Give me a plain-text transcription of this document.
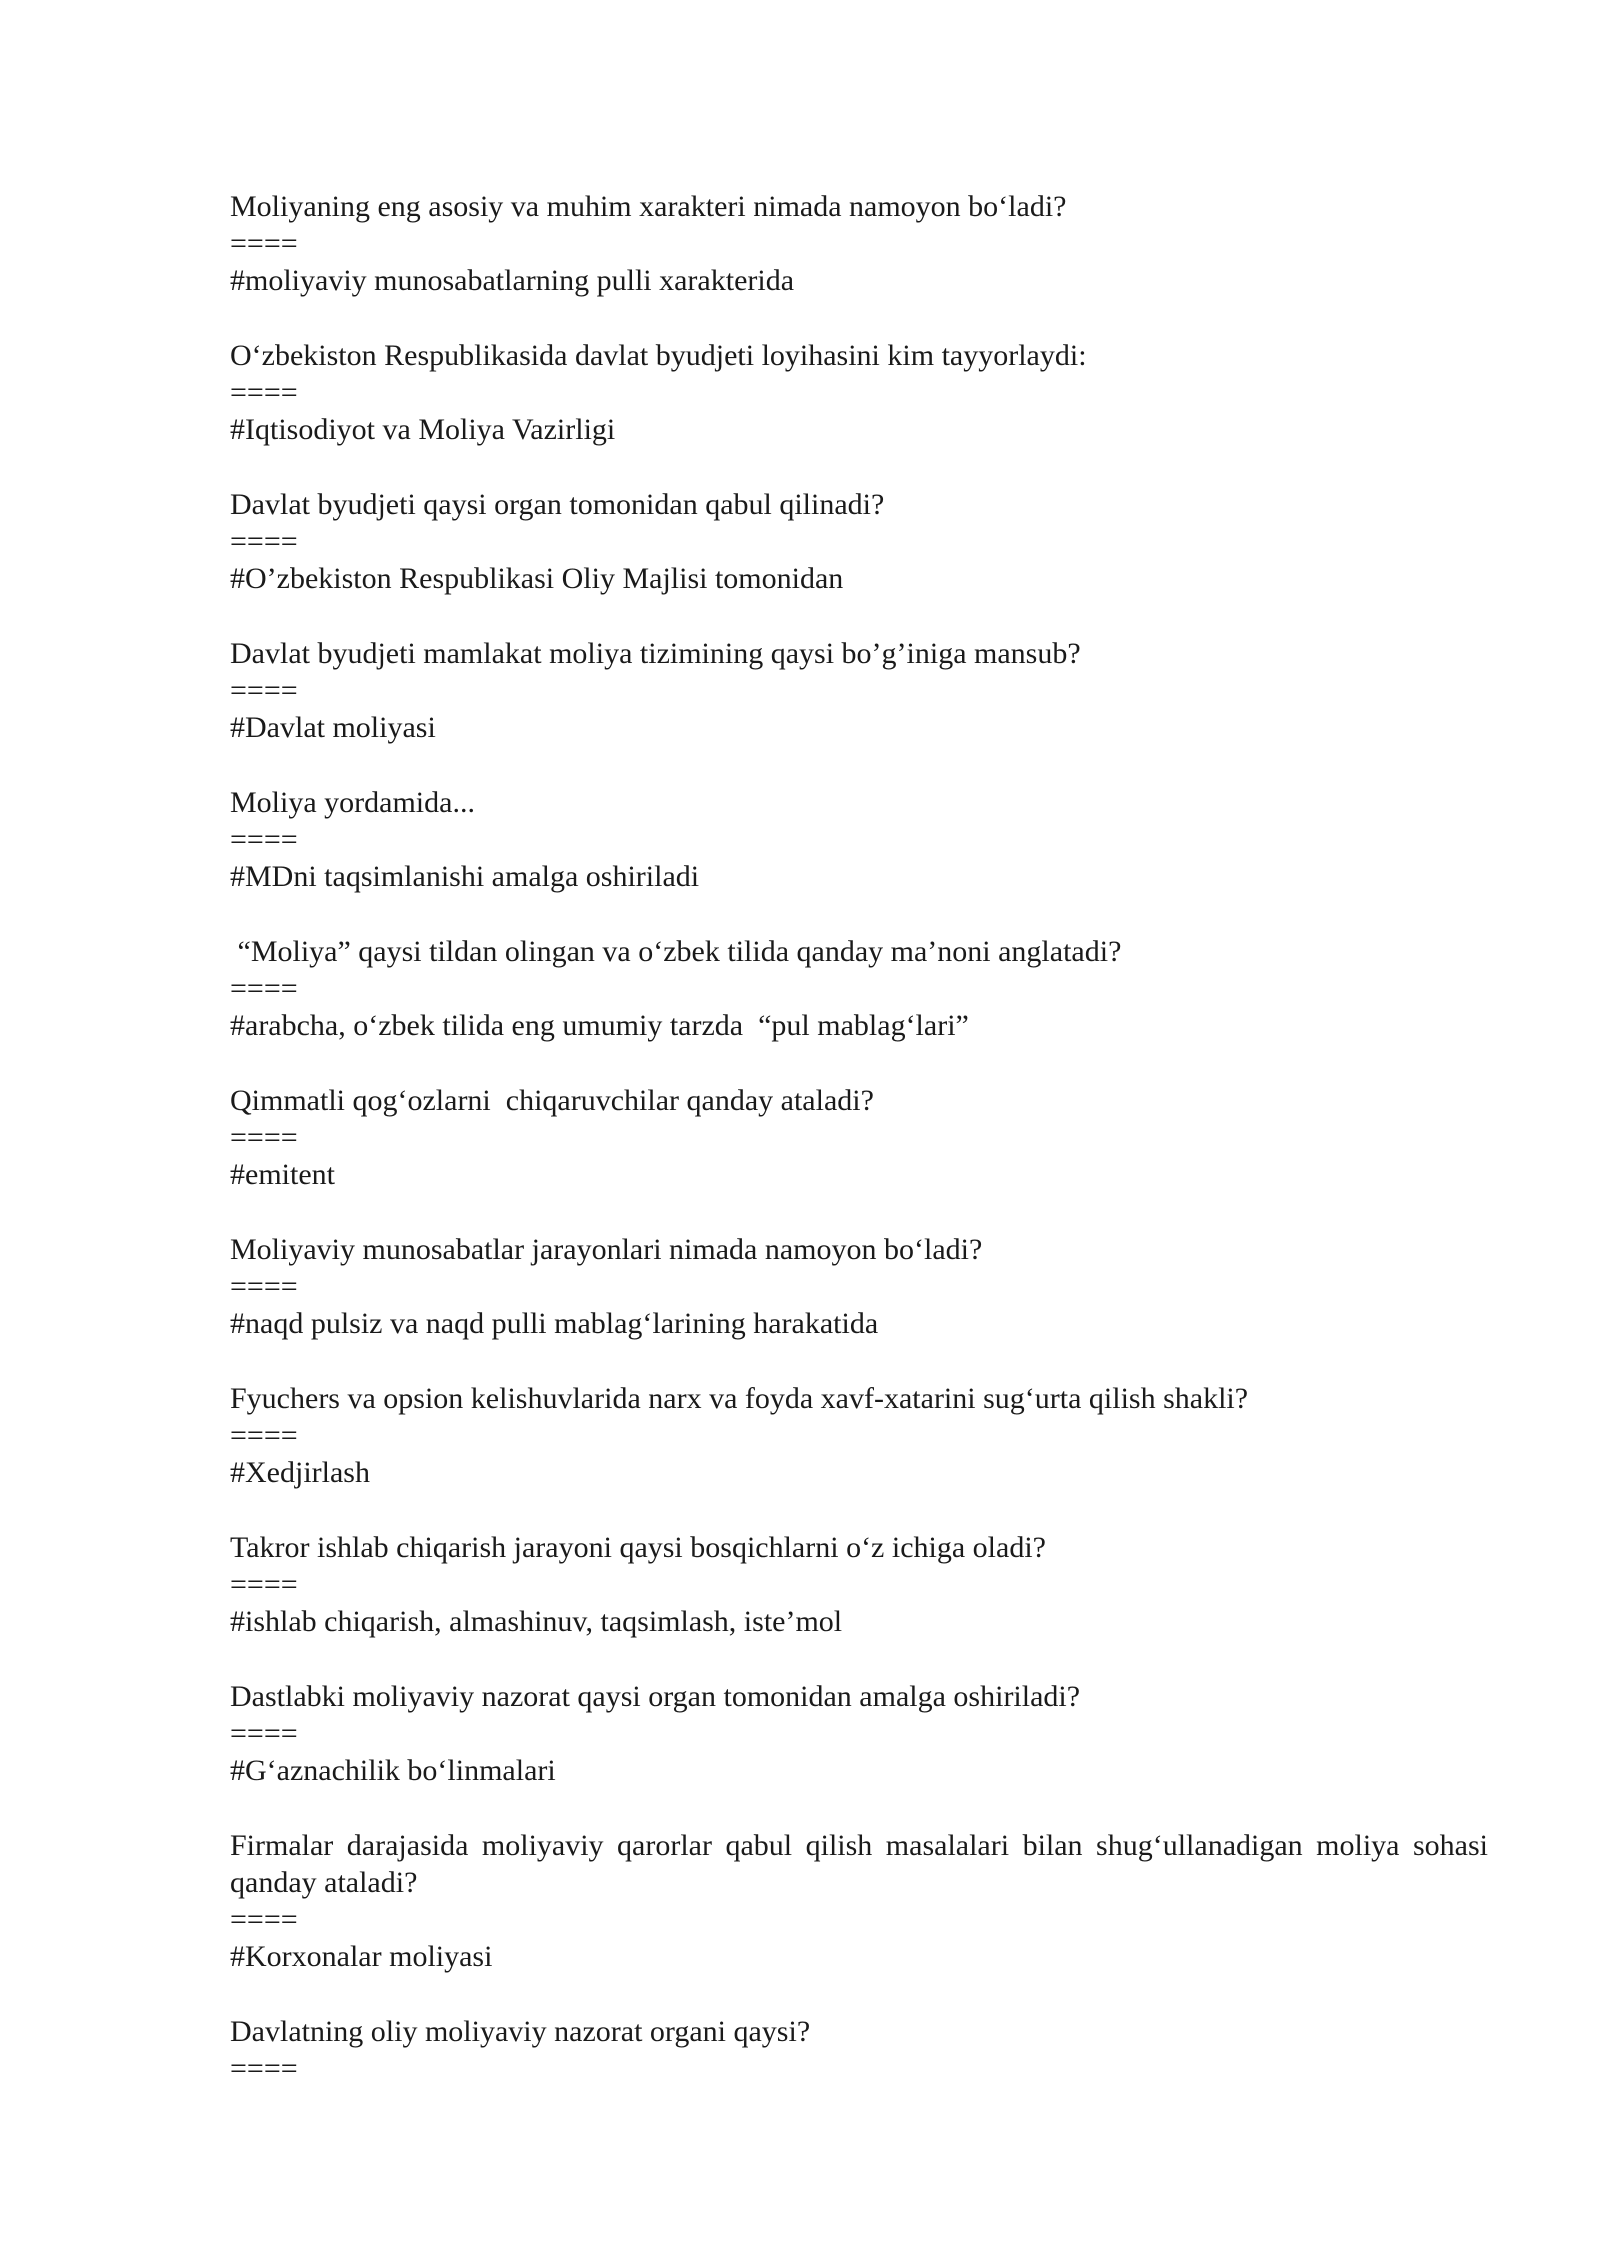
Moliyaning eng asosiy va muhim xarakteri nimada namoyon bo‘ladi?
====
#moliyaviy munosabatlarning pulli xarakterida
O‘zbekiston Respublikasida davlat byudjeti loyihasini kim tayyorlaydi:
====
#Iqtisodiyot va Moliya Vazirligi
Davlat byudjeti qaysi organ tomonidan qabul qilinadi?
====
#O’zbekiston Respublikasi Oliy Majlisi tomonidan
Davlat byudjeti mamlakat moliya tizimining qaysi bo’g’iniga mansub?
====
#Davlat moliyasi
Moliya yordamida...
====
#MDni taqsimlanishi amalga oshiriladi
“Moliya” qaysi tildan olingan va o‘zbek tilida qanday ma’noni anglatadi?
====
#arabcha, o‘zbek tilida eng umumiy tarzda  “pul mablag‘lari”
Qimmatli qog‘ozlarni  chiqaruvchilar qanday ataladi?
====
#emitent
Moliyaviy munosabatlar jarayonlari nimada namoyon bo‘ladi?
====
#naqd pulsiz va naqd pulli mablag‘larining harakatida
Fyuchers va opsion kelishuvlarida narx va foyda xavf-xatarini sug‘urta qilish shakli?
====
#Xedjirlash
Takror ishlab chiqarish jarayoni qaysi bosqichlarni o‘z ichiga oladi?
====
#ishlab chiqarish, almashinuv, taqsimlash, iste’mol
Dastlabki moliyaviy nazorat qaysi organ tomonidan amalga oshiriladi?
====
#G‘aznachilik bo‘linmalari
Firmalar darajasida moliyaviy qarorlar qabul qilish masalalari bilan shug‘ullanadigan moliya sohasi qanday ataladi?
====
#Korxonalar moliyasi
Davlatning oliy moliyaviy nazorat organi qaysi?
====
